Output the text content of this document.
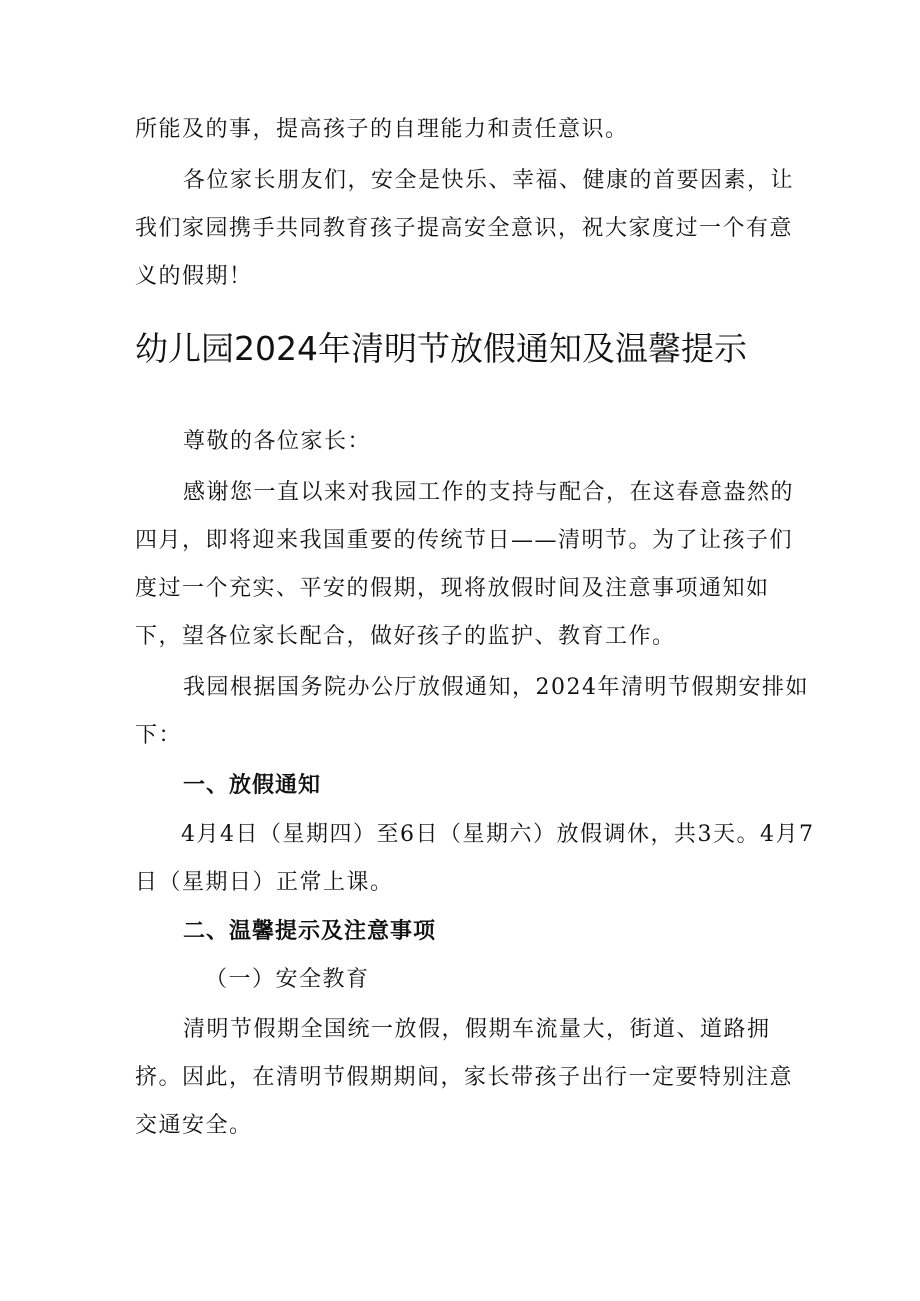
所能及的事，提高孩子的自理能力和责任意识。

各位家长朋友们，安全是快乐、幸福、健康的首要因素，让我们家园携手共同教育孩子提高安全意识，祝大家度过一个有意义的假期！

幼儿园2024年清明节放假通知及温馨提示

尊敬的各位家长：

感谢您一直以来对我园工作的支持与配合，在这春意盎然的四月，即将迎来我国重要的传统节日——清明节。为了让孩子们度过一个充实、平安的假期，现将放假时间及注意事项通知如下，望各位家长配合，做好孩子的监护、教育工作。

我园根据国务院办公厅放假通知，2024年清明节假期安排如下：

一、放假通知

4月4日（星期四）至6日（星期六）放假调休，共3天。4月7日（星期日）正常上课。

二、温馨提示及注意事项

（一）安全教育

清明节假期全国统一放假，假期车流量大，街道、道路拥挤。因此，在清明节假期期间，家长带孩子出行一定要特别注意交通安全。
